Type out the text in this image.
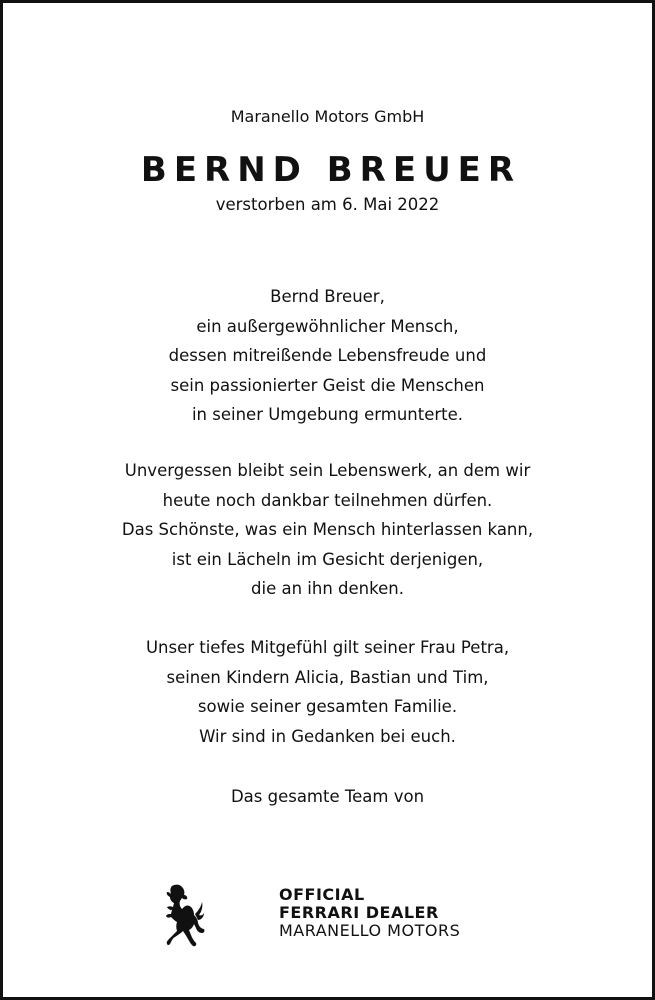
Maranello Motors GmbH
BERND BREUER
verstorben am 6. Mai 2022
Bernd Breuer,
ein außergewöhnlicher Mensch,
dessen mitreißende Lebensfreude und
sein passionierter Geist die Menschen
in seiner Umgebung ermunterte.
Unvergessen bleibt sein Lebenswerk, an dem wir
heute noch dankbar teilnehmen dürfen.
Das Schönste, was ein Mensch hinterlassen kann,
ist ein Lächeln im Gesicht derjenigen,
die an ihn denken.
Unser tiefes Mitgefühl gilt seiner Frau Petra,
seinen Kindern Alicia, Bastian und Tim,
sowie seiner gesamten Familie.
Wir sind in Gedanken bei euch.
Das gesamte Team von
OFFICIAL
FERRARI DEALER
MARANELLO MOTORS
